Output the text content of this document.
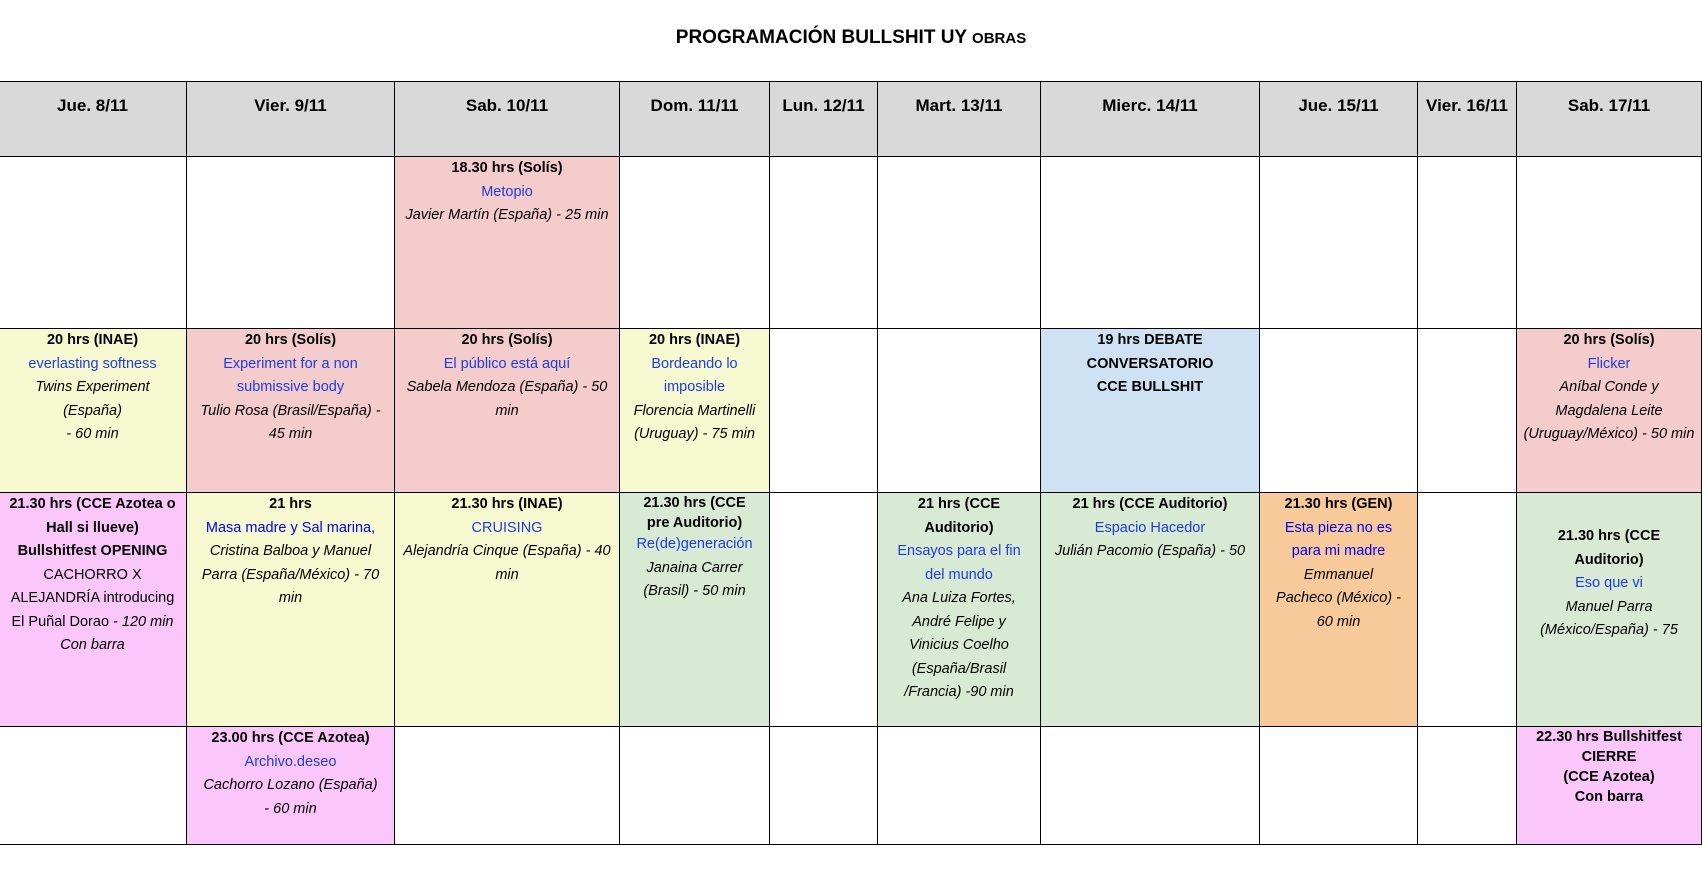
PROGRAMACIÓN BULLSHIT UY OBRAS
Jue. 8/11	Vier. 9/11	Sab. 10/11	Dom. 11/11	Lun. 12/11	Mart. 13/11	Mierc. 14/11	Jue. 15/11	Vier. 16/11	Sab. 17/11

		18.30 hrs (Solís)
Metopio
Javier Martín (España) - 25 min							

20 hrs (INAE)
everlasting softness
Twins Experiment (España)
- 60 min	20 hrs (Solís)
Experiment for a non submissive body
Tulio Rosa (Brasil/España) - 45 min	20 hrs (Solís)
El público está aquí
Sabela Mendoza (España) - 50 min	20 hrs (INAE)
Bordeando lo imposible
Florencia Martinelli (Uruguay) - 75 min			19 hrs DEBATE CONVERSATORIO CCE BULLSHIT			20 hrs (Solís)
Flicker
Aníbal Conde y Magdalena Leite (Uruguay/México) - 50 min

21.30 hrs (CCE Azotea o Hall si llueve)
Bullshitfest OPENING
CACHORRO X ALEJANDRÍA introducing
El Puñal Dorao - 120 min
Con barra	21 hrs
Masa madre y Sal marina,
Cristina Balboa y Manuel Parra (España/México) - 70 min	21.30 hrs (INAE)
CRUISING
Alejandría Cinque (España) - 40 min	21.30 hrs (CCE pre Auditorio)
Re(de)generación
Janaina Carrer (Brasil) - 50 min		21 hrs (CCE Auditorio)
Ensayos para el fin del mundo
Ana Luiza Fortes, André Felipe y Vinicius Coelho (España/Brasil /Francia) -90 min	21 hrs (CCE Auditorio)
Espacio Hacedor
Julián Pacomio (España) - 50	21.30 hrs (GEN)
Esta pieza no es para mi madre
Emmanuel Pacheco (México) - 60 min		21.30 hrs (CCE Auditorio)
Eso que vi
Manuel Parra (México/España) - 75

	23.00 hrs (CCE Azotea)
Archivo.deseo
Cachorro Lozano (España) - 60 min								22.30 hrs Bullshitfest CIERRE
(CCE Azotea)
Con barra
